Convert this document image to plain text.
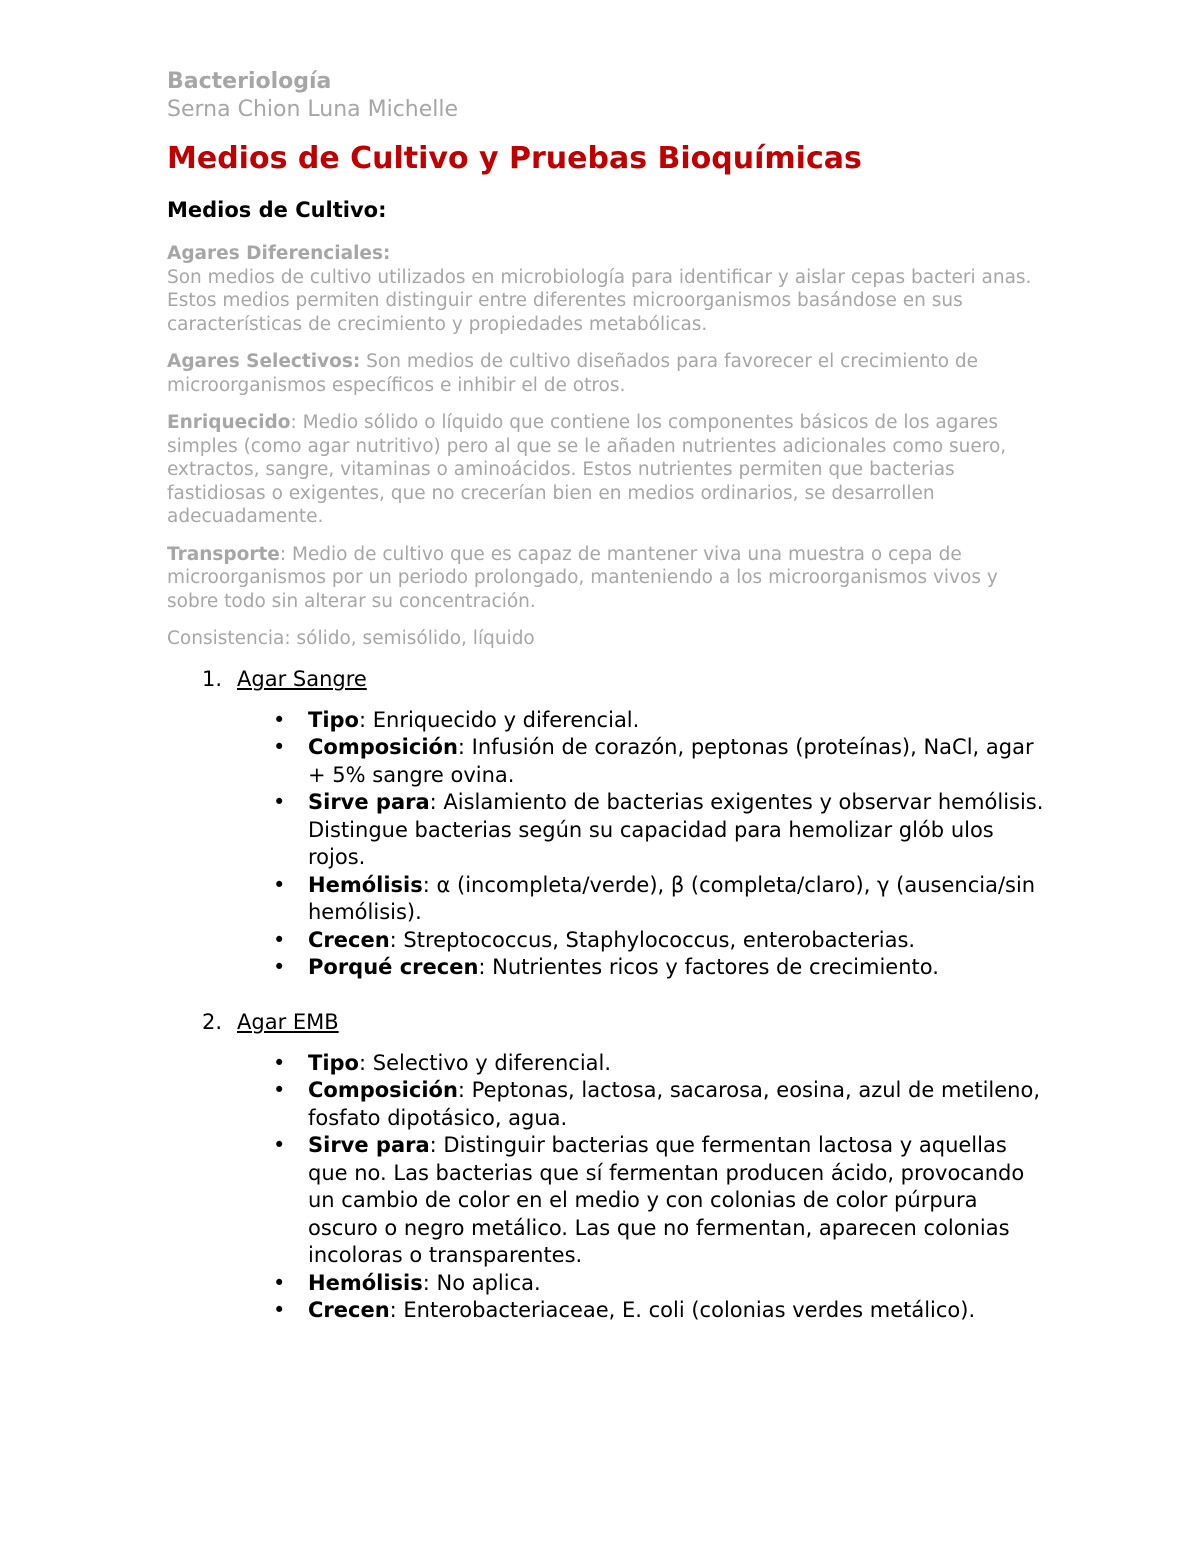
Bacteriología
Serna Chion Luna Michelle
Medios de Cultivo y Pruebas Bioquímicas
Medios de Cultivo:
Agares Diferenciales:
Son medios de cultivo utilizados en microbiología para identificar y aislar cepas bacteri anas. Estos medios permiten distinguir entre diferentes microorganismos basándose en sus características de crecimiento y propiedades metabólicas.
Agares Selectivos: Son medios de cultivo diseñados para favorecer el crecimiento de microorganismos específicos e inhibir el de otros.
Enriquecido: Medio sólido o líquido que contiene los componentes básicos de los agares simples (como agar nutritivo) pero al que se le añaden nutrientes adicionales como suero, extractos, sangre, vitaminas o aminoácidos. Estos nutrientes permiten que bacterias fastidiosas o exigentes, que no crecerían bien en medios ordinarios, se desarrollen adecuadamente.
Transporte: Medio de cultivo que es capaz de mantener viva una muestra o cepa de microorganismos por un periodo prolongado, manteniendo a los microorganismos vivos y sobre todo sin alterar su concentración.
Consistencia: sólido, semisólido, líquido
1. Agar Sangre
• Tipo: Enriquecido y diferencial.
• Composición: Infusión de corazón, peptonas (proteínas), NaCl, agar + 5% sangre ovina.
• Sirve para: Aislamiento de bacterias exigentes y observar hemólisis.
Distingue bacterias según su capacidad para hemolizar glób ulos rojos.
• Hemólisis: α (incompleta/verde), β (completa/claro), γ (ausencia/sin hemólisis).
• Crecen: Streptococcus, Staphylococcus, enterobacterias.
• Porqué crecen: Nutrientes ricos y factores de crecimiento.
2. Agar EMB
• Tipo: Selectivo y diferencial.
• Composición: Peptonas, lactosa, sacarosa, eosina, azul de metileno, fosfato dipotásico, agua.
• Sirve para: Distinguir bacterias que fermentan lactosa y aquellas que no. Las bacterias que sí fermentan producen ácido, provocando un cambio de color en el medio y con colonias de color púrpura oscuro o negro metálico. Las que no fermentan, aparecen colonias incoloras o transparentes.
• Hemólisis: No aplica.
• Crecen: Enterobacteriaceae, E. coli (colonias verdes metálico).
